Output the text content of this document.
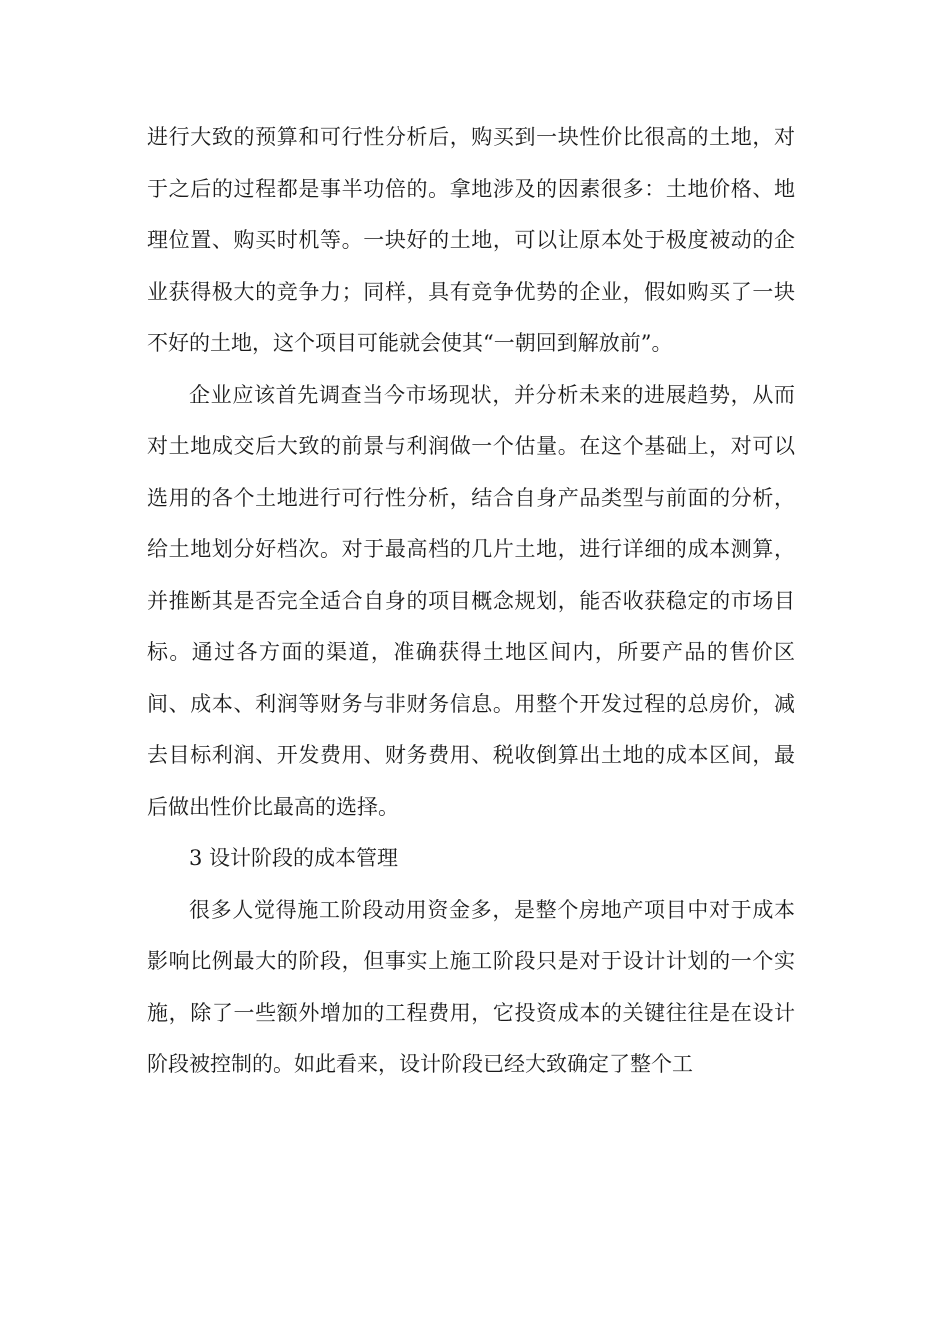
进行大致的预算和可行性分析后，购买到一块性价比很高的土地，对于之后的过程都是事半功倍的。拿地涉及的因素很多：土地价格、地理位置、购买时机等。一块好的土地，可以让原本处于极度被动的企业获得极大的竞争力；同样，具有竞争优势的企业，假如购买了一块不好的土地，这个项目可能就会使其“一朝回到解放前”。

企业应该首先调查当今市场现状，并分析未来的进展趋势，从而对土地成交后大致的前景与利润做一个估量。在这个基础上，对可以选用的各个土地进行可行性分析，结合自身产品类型与前面的分析，给土地划分好档次。对于最高档的几片土地，进行详细的成本测算，并推断其是否完全适合自身的项目概念规划，能否收获稳定的市场目标。通过各方面的渠道，准确获得土地区间内，所要产品的售价区间、成本、利润等财务与非财务信息。用整个开发过程的总房价，减去目标利润、开发费用、财务费用、税收倒算出土地的成本区间，最后做出性价比最高的选择。

3 设计阶段的成本管理

很多人觉得施工阶段动用资金多，是整个房地产项目中对于成本影响比例最大的阶段，但事实上施工阶段只是对于设计计划的一个实施，除了一些额外增加的工程费用，它投资成本的关键往往是在设计阶段被控制的。如此看来，设计阶段已经大致确定了整个工
